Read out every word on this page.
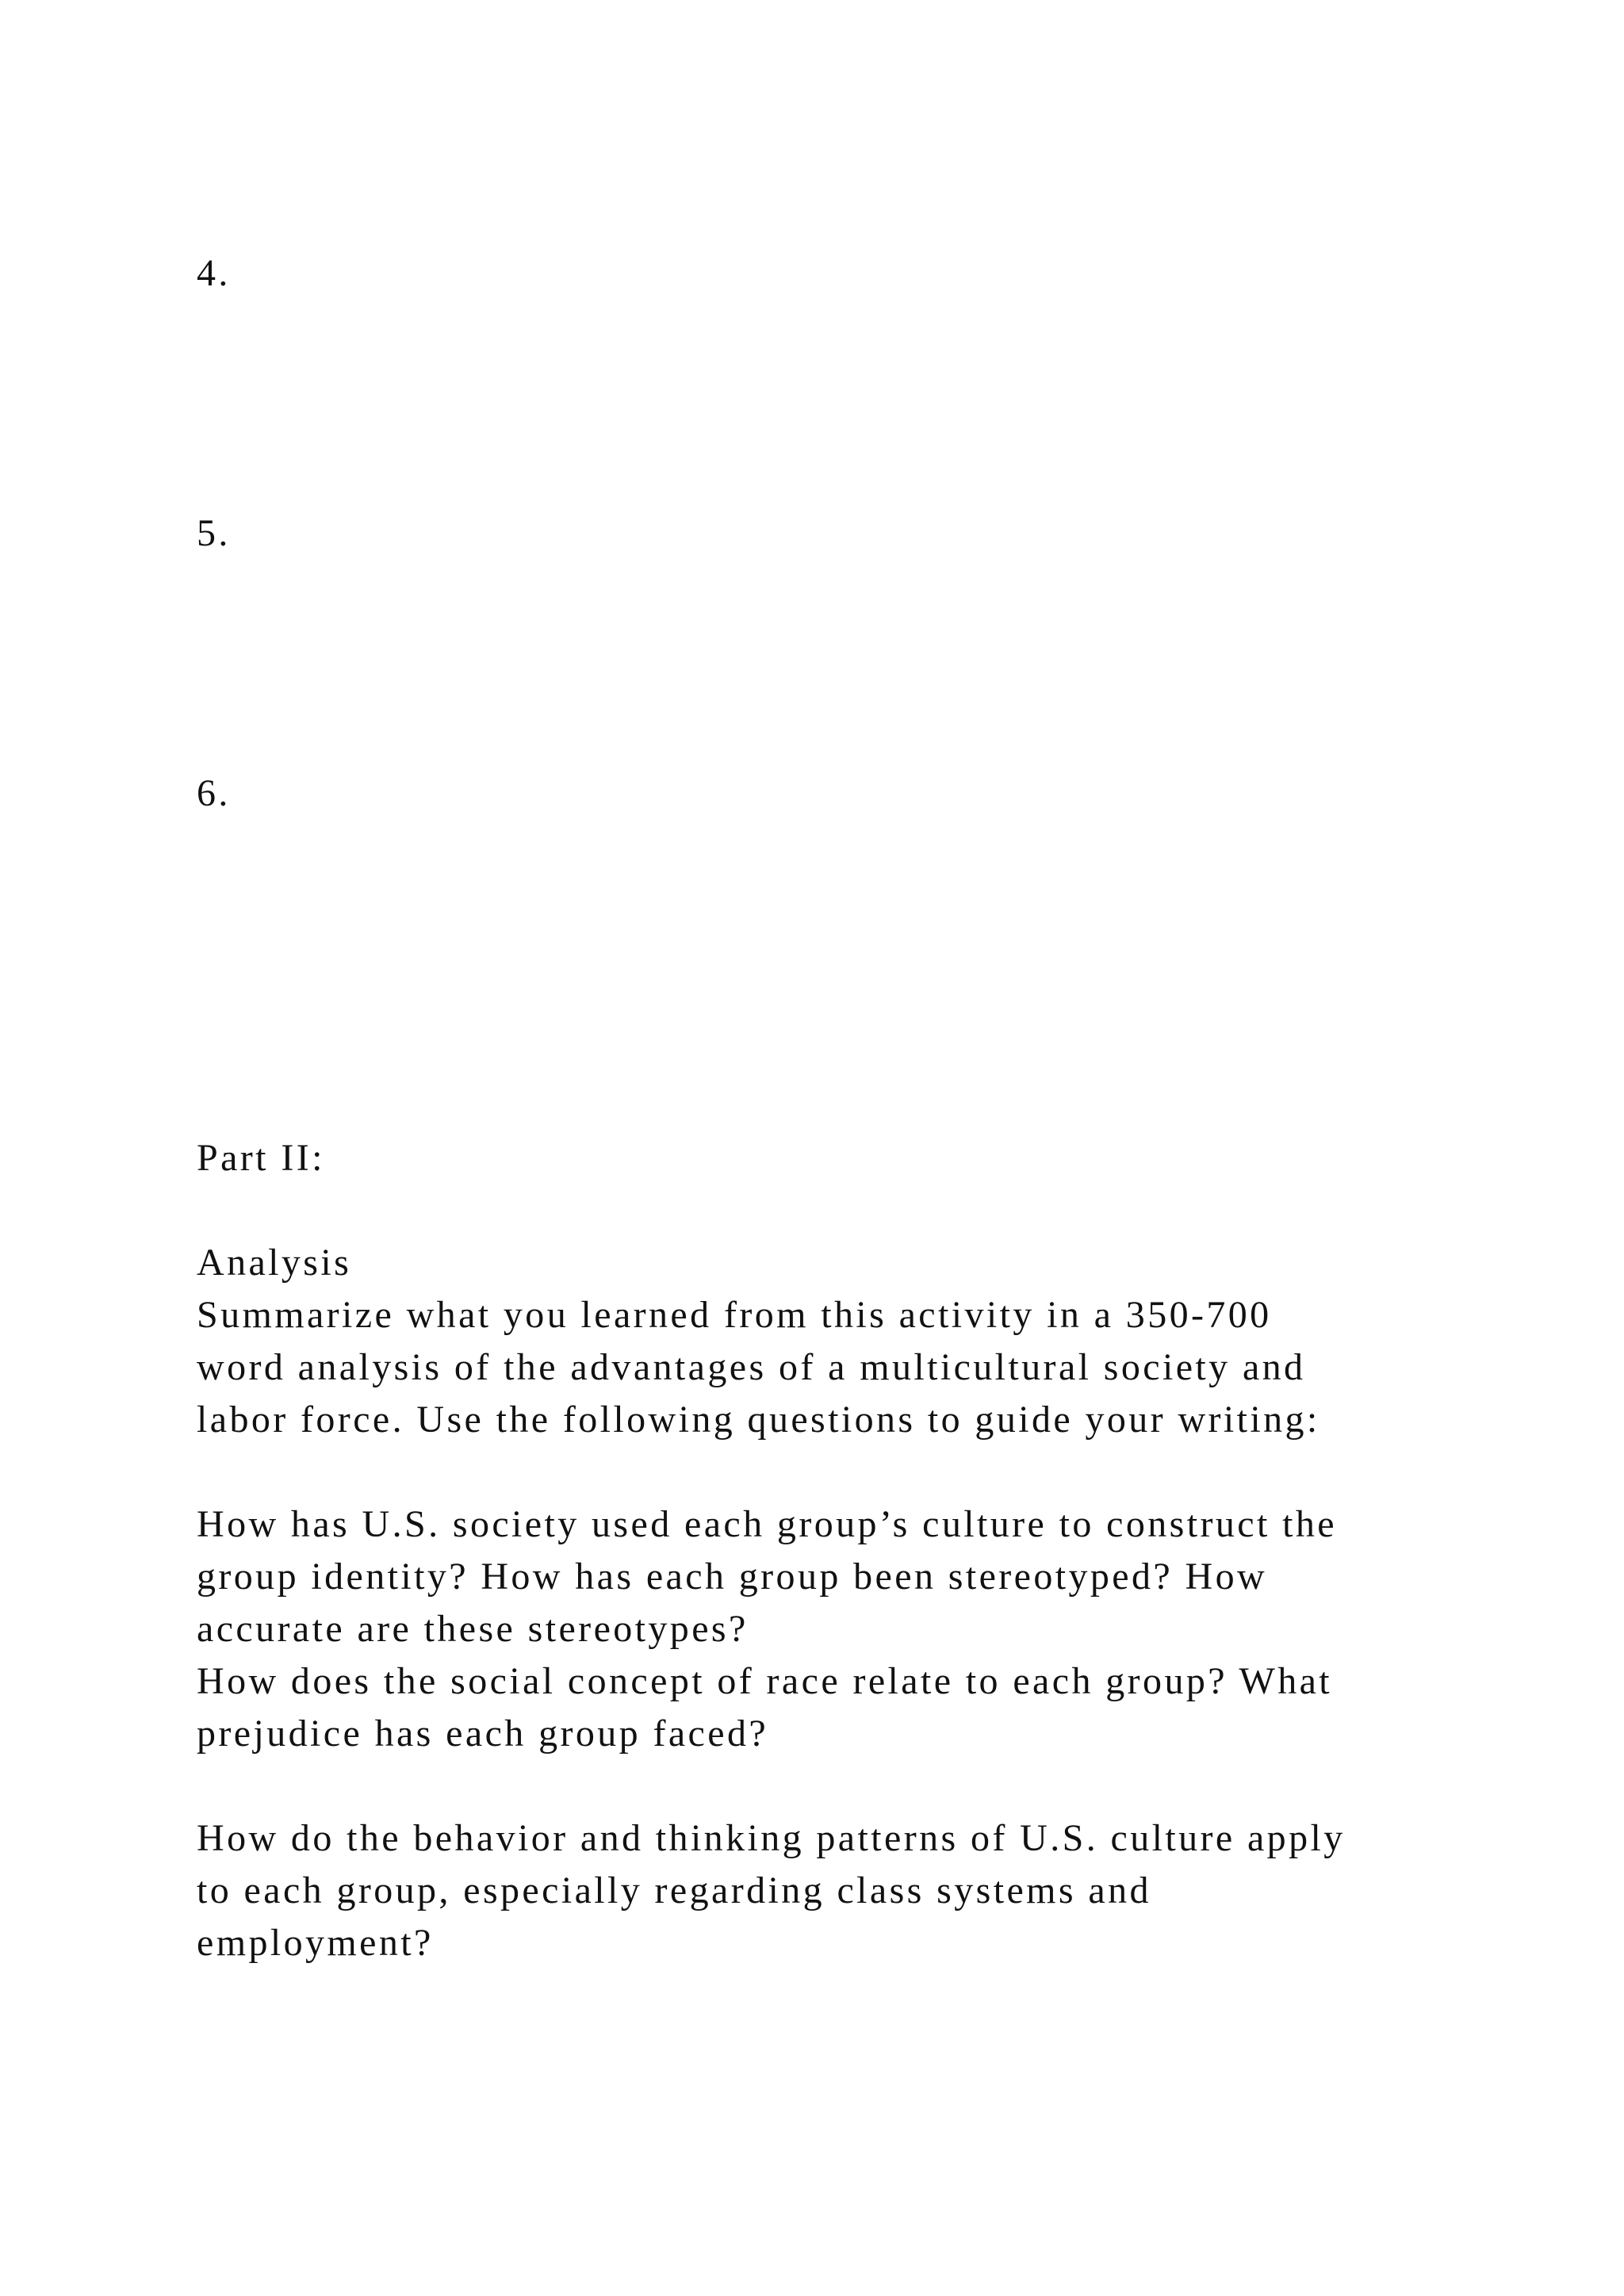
4.

5.

6.

Part II:

Analysis

Summarize what you learned from this activity in a 350-700

word analysis of the advantages of a multicultural society and

labor force. Use the following questions to guide your writing:

How has U.S. society used each group’s culture to construct the

group identity? How has each group been stereotyped? How

accurate are these stereotypes?

How does the social concept of race relate to each group? What

prejudice has each group faced?

How do the behavior and thinking patterns of U.S. culture apply

to each group, especially regarding class systems and

employment?
